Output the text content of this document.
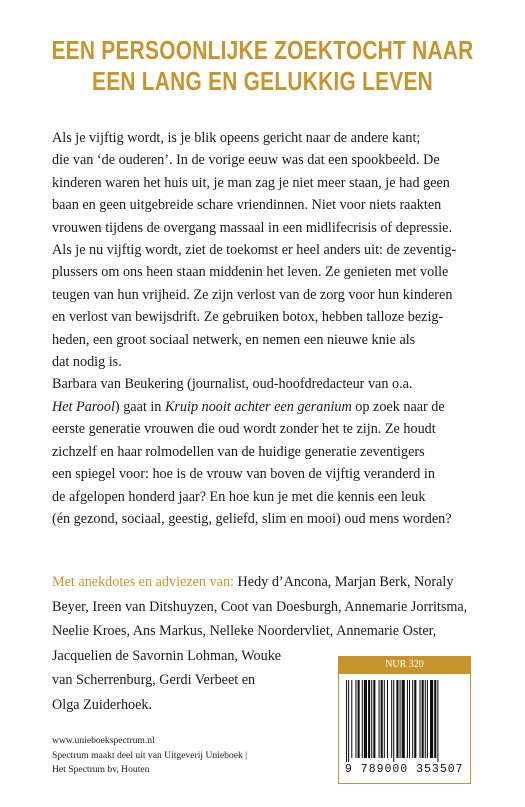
EEN PERSOONLIJKE ZOEKTOCHT NAAR
EEN LANG EN GELUKKIG LEVEN
Als je vijftig wordt, is je blik opeens gericht naar de andere kant;
die van ‘de ouderen’. In de vorige eeuw was dat een spookbeeld. De
kinderen waren het huis uit, je man zag je niet meer staan, je had geen
baan en geen uitgebreide schare vriendinnen. Niet voor niets raakten
vrouwen tijdens de overgang massaal in een midlifecrisis of depressie.
Als je nu vijftig wordt, ziet de toekomst er heel anders uit: de zeventig-
plussers om ons heen staan middenin het leven. Ze genieten met volle
teugen van hun vrijheid. Ze zijn verlost van de zorg voor hun kinderen
en verlost van bewijsdrift. Ze gebruiken botox, hebben talloze bezig-
heden, een groot sociaal netwerk, en nemen een nieuwe knie als
dat nodig is.
Barbara van Beukering (journalist, oud-hoofdredacteur van o.a.
Het Parool) gaat in Kruip nooit achter een geranium op zoek naar de
eerste generatie vrouwen die oud wordt zonder het te zijn. Ze houdt
zichzelf en haar rolmodellen van de huidige generatie zeventigers
een spiegel voor: hoe is de vrouw van boven de vijftig veranderd in
de afgelopen honderd jaar? En hoe kun je met die kennis een leuk
(én gezond, sociaal, geestig, geliefd, slim en mooi) oud mens worden?
Met anekdotes en adviezen van: Hedy d’Ancona, Marjan Berk, Noraly
Beyer, Ireen van Ditshuyzen, Coot van Doesburgh, Annemarie Jorritsma,
Neelie Kroes, Ans Markus, Nelleke Noordervliet, Annemarie Oster,
Jacquelien de Savornin Lohman, Wouke
van Scherrenburg, Gerdi Verbeet en
Olga Zuiderhoek.
www.unieboekspectrum.nl
Spectrum maakt deel uit van Uitgeverij Unieboek |
Het Spectrum bv, Houten
NUR 320
9 789000 353507
